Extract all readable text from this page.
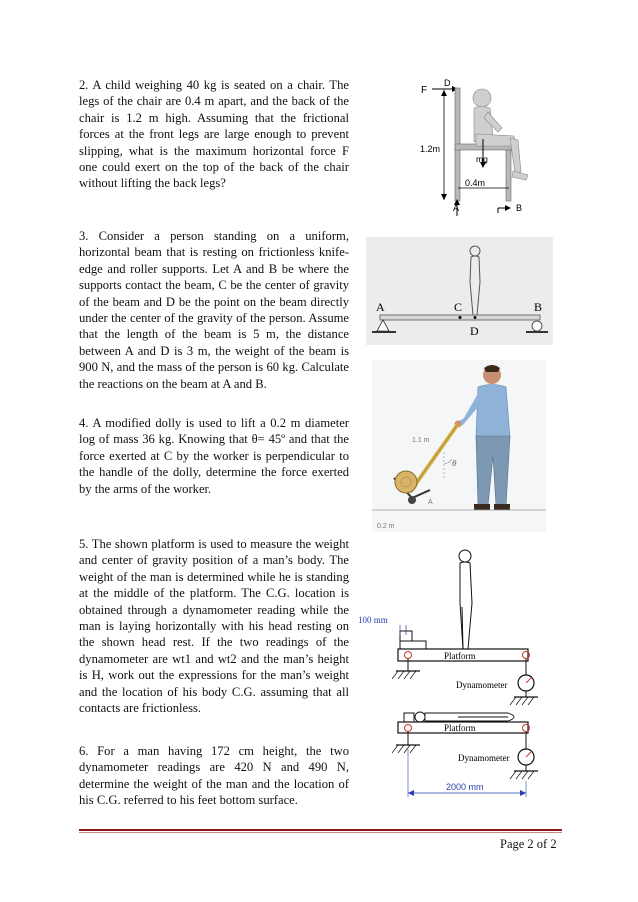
2. A child weighing 40 kg is seated on a chair. The legs of the chair are 0.4 m apart, and the back of the chair is 1.2 m high. Assuming that the frictional forces at the front legs are large enough to prevent slipping, what is the maximum horizontal force F one could exert on the top of the back of the chair without lifting the back legs?
3. Consider a person standing on a uniform, horizontal beam that is resting on frictionless knife-edge and roller supports. Let A and B be where the supports contact the beam, C be the center of gravity of the beam and D be the point on the beam directly under the center of the gravity of the person. Assume that the length of the beam is 5 m, the distance between A and D is 3 m, the weight of the beam is 900 N, and the mass of the person is 60 kg. Calculate the reactions on the beam at A and B.
4. A modified dolly is used to lift a 0.2 m diameter log of mass 36 kg. Knowing that θ= 45º and that the force exerted at C by the worker is perpendicular to the handle of the dolly, determine the force exerted by the arms of the worker.
5. The shown platform is used to measure the weight and center of gravity position of a man’s body. The weight of the man is determined while he is standing at the middle of the platform. The C.G. location is obtained through a dynamometer reading while the man is laying horizontally with his head resting on the shown head rest. If the two readings of the dynamometer are wt1 and wt2 and the man’s height is H, work out the expressions for the man’s weight and the location of his body C.G. assuming that all contacts are frictionless.
6. For a man having 172 cm height, the two dynamometer readings are 420 N and 490 N, determine the weight of the man and the location of his C.G. referred to his feet bottom surface.
F
D
mg
1.2m
0.4m
A	B
A	C	B
D
θ
1.1 m
0.2 m
A
100 mm
Platform
Dynamometer
Platform
Dynamometer
2000 mm
Page 2 of 2
